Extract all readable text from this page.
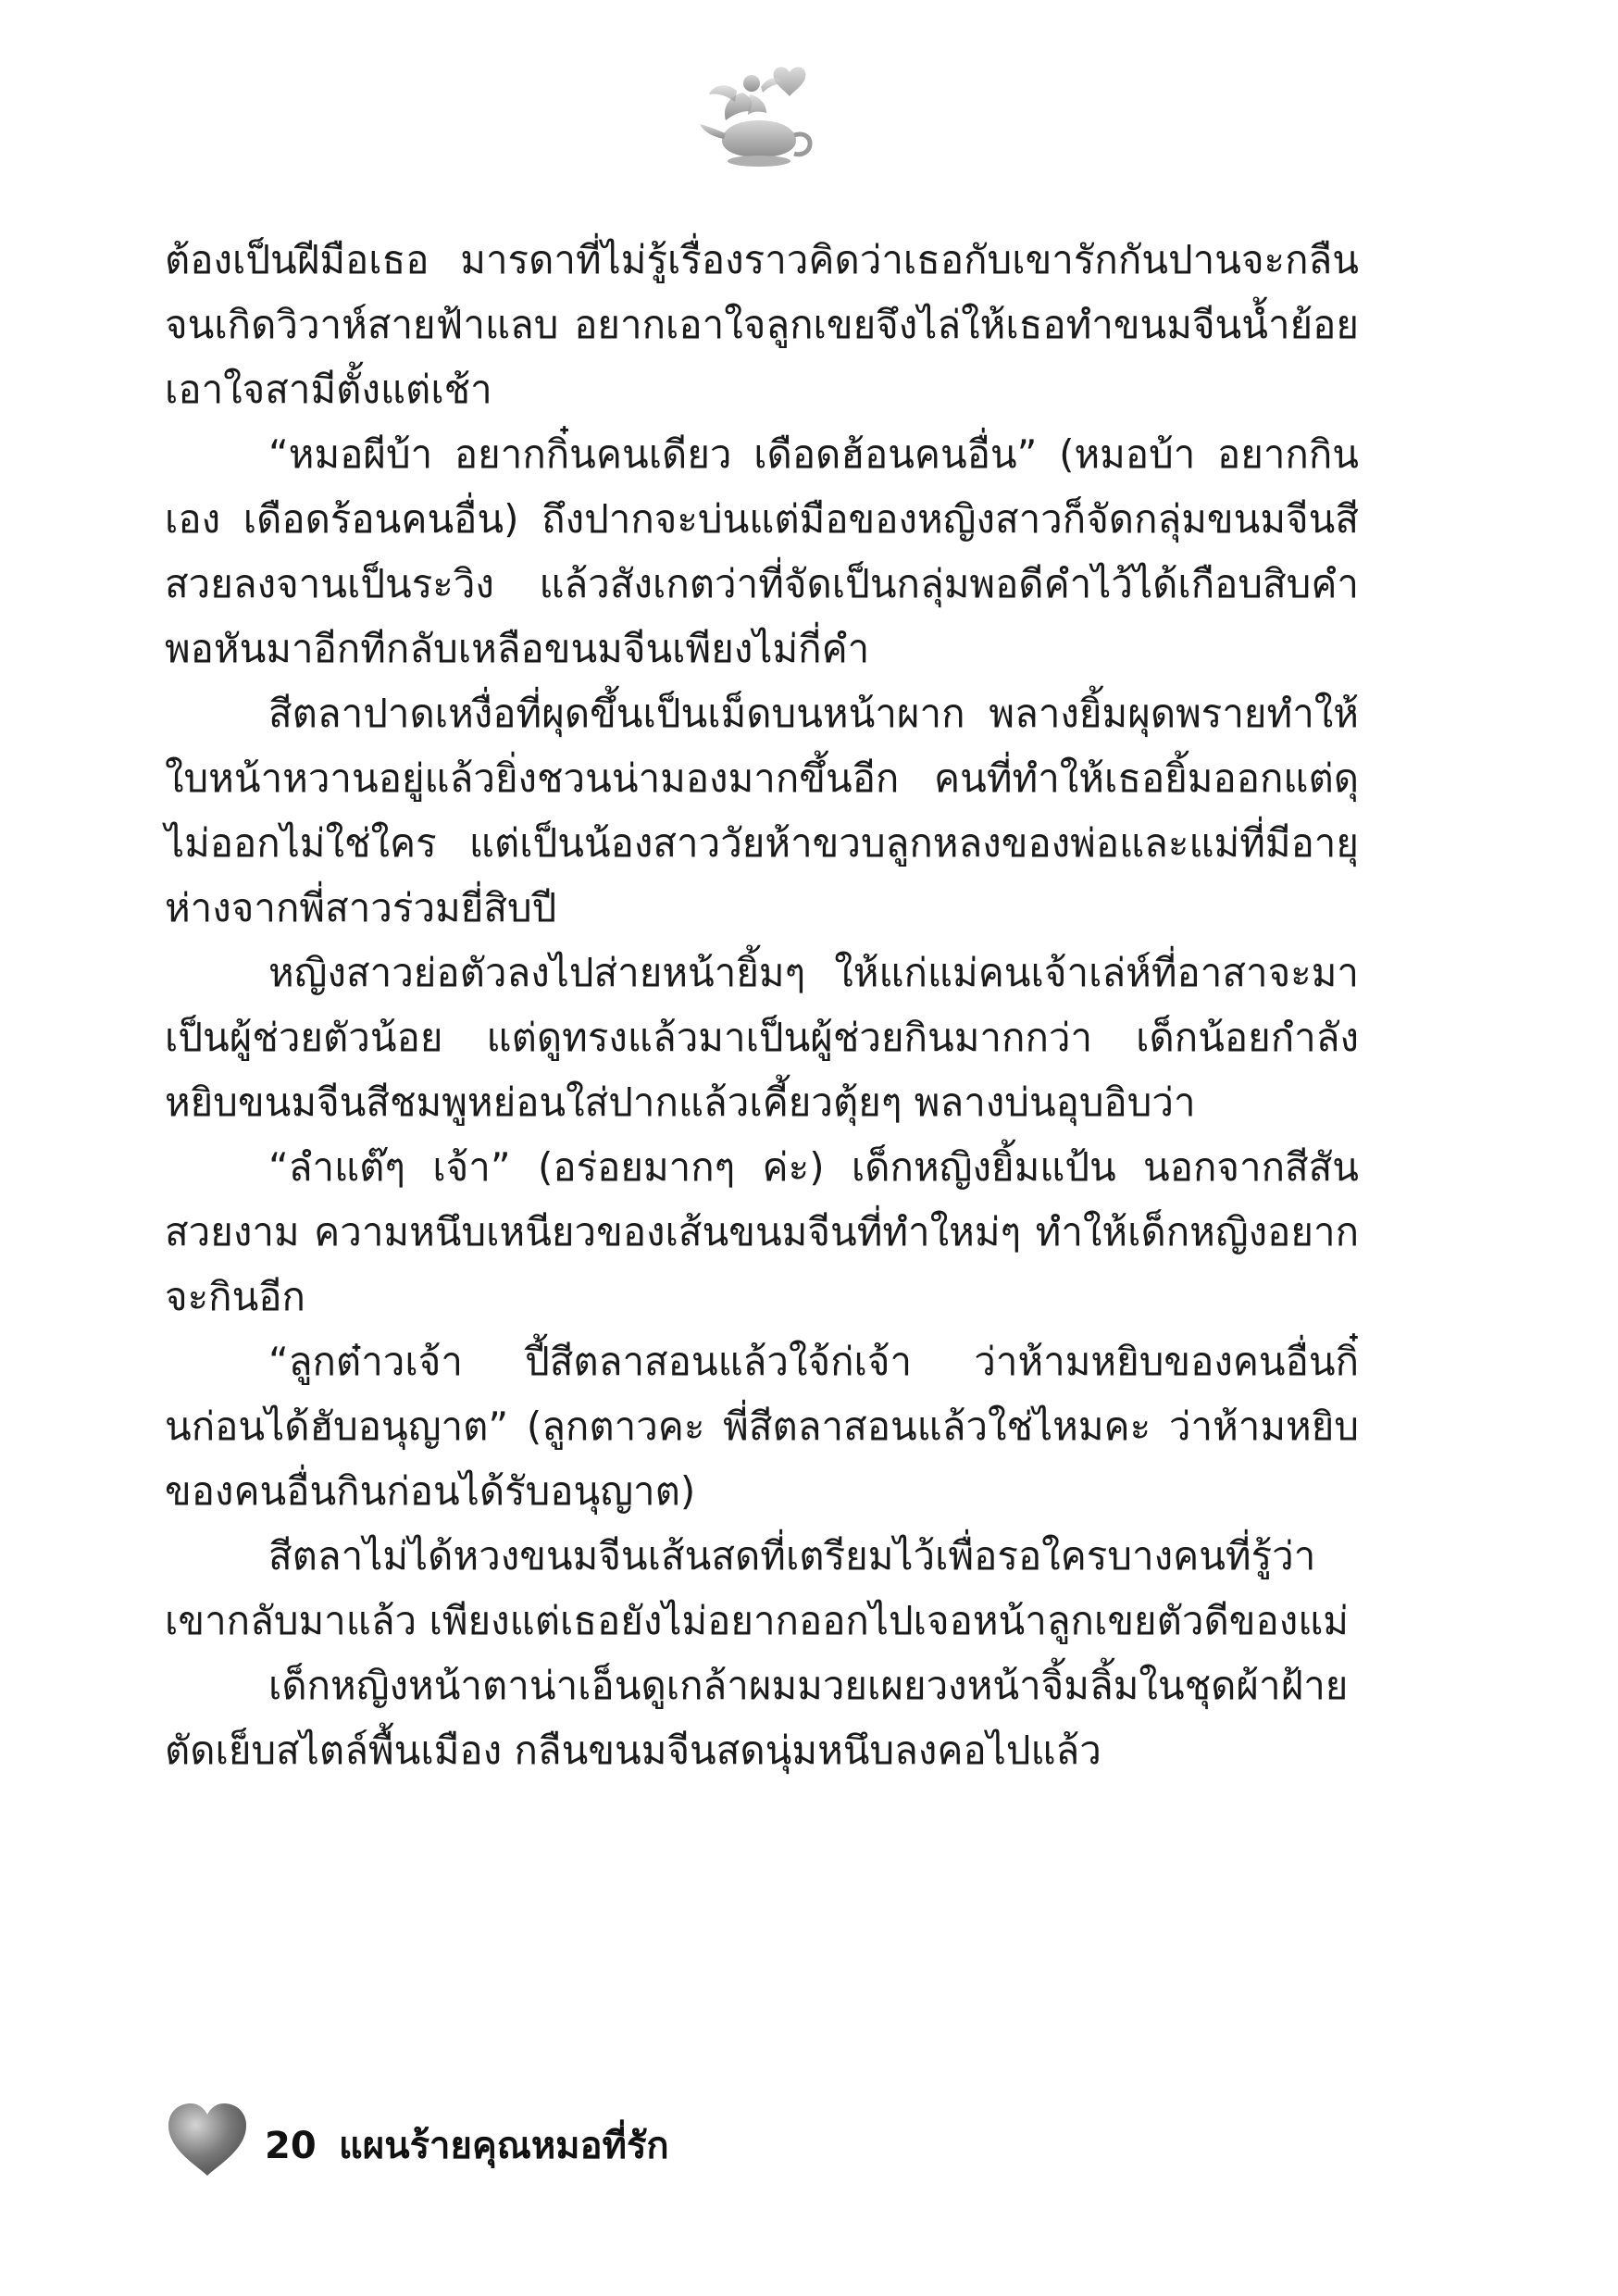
ต้องเป็นฝีมือเธอ มารดาที่ไม่รู้เรื่องราวคิดว่าเธอกับเขารักกันปานจะกลืนจนเกิดวิวาห์สายฟ้าแลบ อยากเอาใจลูกเขยจึงไล่ให้เธอทำขนมจีนน้ำย้อยเอาใจสามีตั้งแต่เช้า

“หมอผีบ้า อยากกิ๋นคนเดียว เดือดฮ้อนคนอื่น” (หมอบ้า อยากกินเอง เดือดร้อนคนอื่น) ถึงปากจะบ่นแต่มือของหญิงสาวก็จัดกลุ่มขนมจีนสีสวยลงจานเป็นระวิง แล้วสังเกตว่าที่จัดเป็นกลุ่มพอดีคำไว้ได้เกือบสิบคำ พอหันมาอีกทีกลับเหลือขนมจีนเพียงไม่กี่คำ

สีตลาปาดเหงื่อที่ผุดขึ้นเป็นเม็ดบนหน้าผาก พลางยิ้มผุดพรายทำให้ใบหน้าหวานอยู่แล้วยิ่งชวนน่ามองมากขึ้นอีก คนที่ทำให้เธอยิ้มออกแต่ดุไม่ออกไม่ใช่ใคร แต่เป็นน้องสาววัยห้าขวบลูกหลงของพ่อและแม่ที่มีอายุห่างจากพี่สาวร่วมยี่สิบปี

หญิงสาวย่อตัวลงไปส่ายหน้ายิ้มๆ ให้แก่แม่คนเจ้าเล่ห์ที่อาสาจะมาเป็นผู้ช่วยตัวน้อย แต่ดูทรงแล้วมาเป็นผู้ช่วยกินมากกว่า เด็กน้อยกำลังหยิบขนมจีนสีชมพูหย่อนใส่ปากแล้วเคี้ยวตุ้ยๆ พลางบ่นอุบอิบว่า

“ลำแต๊ๆ เจ้า” (อร่อยมากๆ ค่ะ) เด็กหญิงยิ้มแป้น นอกจากสีสันสวยงาม ความหนึบเหนียวของเส้นขนมจีนที่ทำใหม่ๆ ทำให้เด็กหญิงอยากจะกินอีก

“ลูกต๋าวเจ้า ปี้สีตลาสอนแล้วใจ้ก่เจ้า ว่าห้ามหยิบของคนอื่นกิ๋นก่อนได้ฮับอนุญาต” (ลูกตาวคะ พี่สีตลาสอนแล้วใช่ไหมคะ ว่าห้ามหยิบของคนอื่นกินก่อนได้รับอนุญาต)

สีตลาไม่ได้หวงขนมจีนเส้นสดที่เตรียมไว้เพื่อรอใครบางคนที่รู้ว่าเขากลับมาแล้ว เพียงแต่เธอยังไม่อยากออกไปเจอหน้าลูกเขยตัวดีของแม่

เด็กหญิงหน้าตาน่าเอ็นดูเกล้าผมมวยเผยวงหน้าจิ้มลิ้มในชุดผ้าฝ้ายตัดเย็บสไตล์พื้นเมือง กลืนขนมจีนสดนุ่มหนึบลงคอไปแล้ว

20 แผนร้ายคุณหมอที่รัก
